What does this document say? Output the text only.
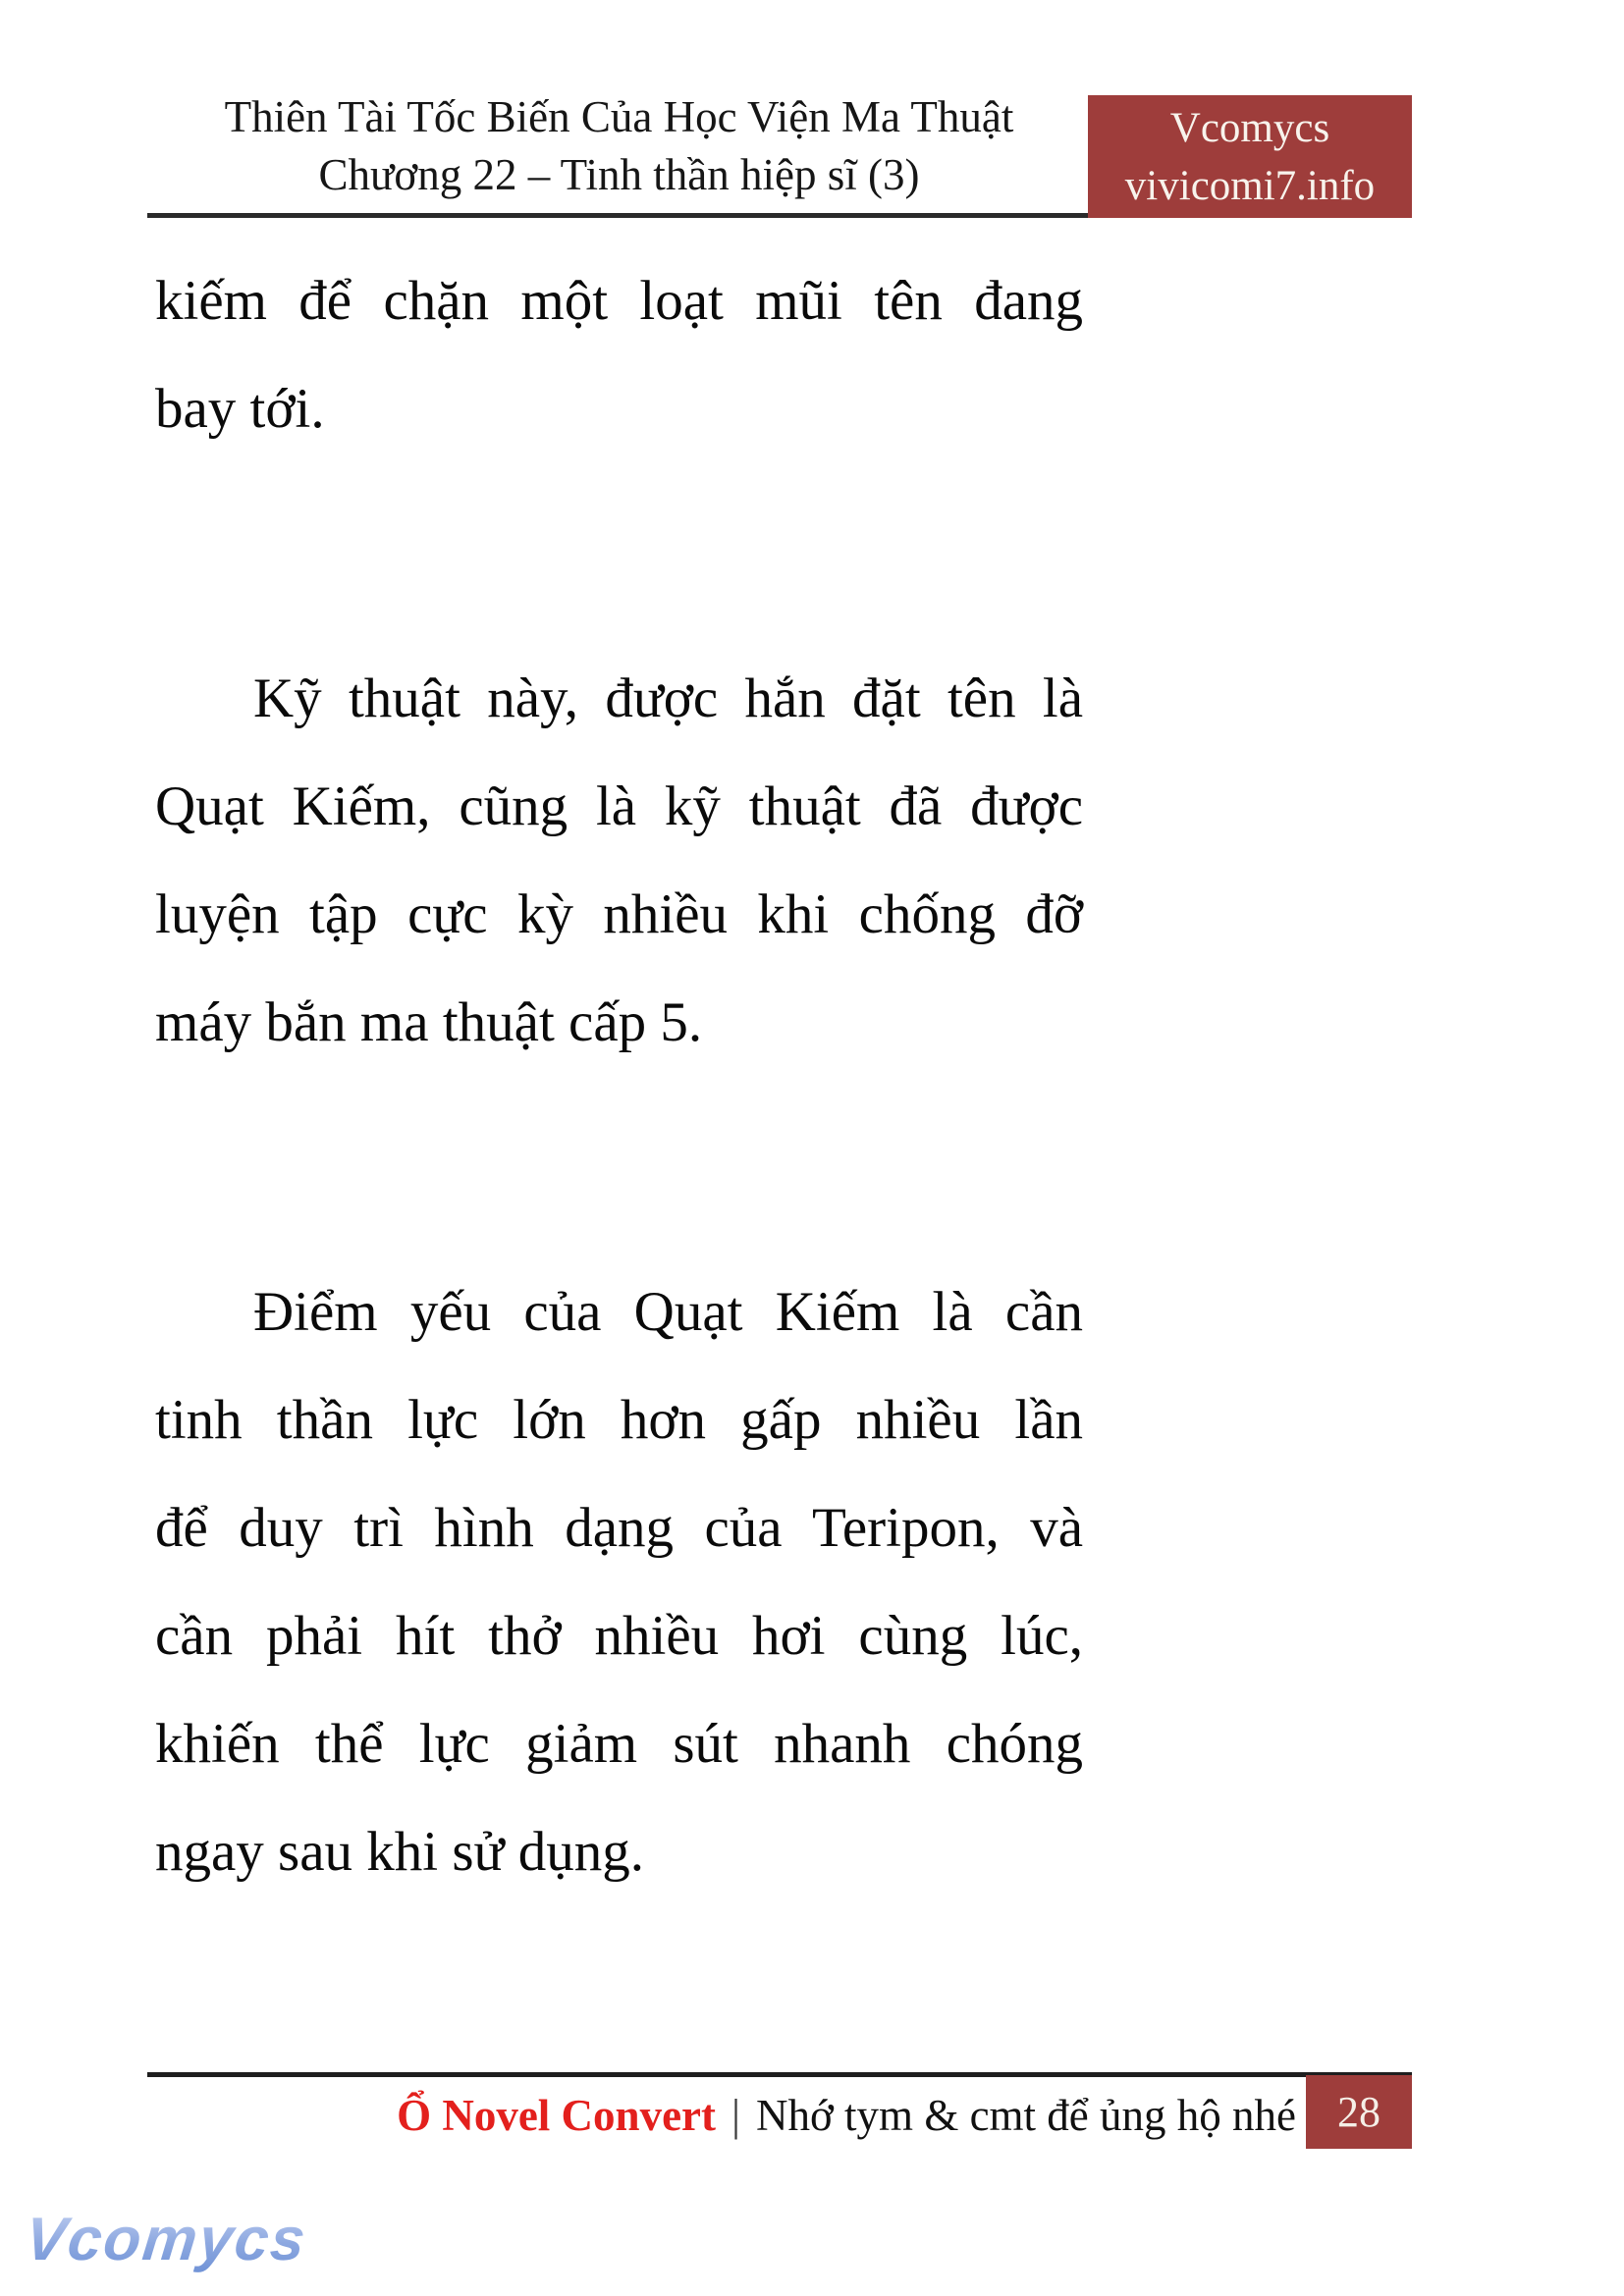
Thiên Tài Tốc Biến Của Học Viện Ma Thuật
Chương 22 – Tinh thần hiệp sĩ (3)
Vcomycs
vivicomi7.info
kiếm để chặn một loạt mũi tên đang
bay tới.
Kỹ thuật này, được hắn đặt tên là
Quạt Kiếm, cũng là kỹ thuật đã được
luyện tập cực kỳ nhiều khi chống đỡ
máy bắn ma thuật cấp 5.
Điểm yếu của Quạt Kiếm là cần
tinh thần lực lớn hơn gấp nhiều lần
để duy trì hình dạng của Teripon, và
cần phải hít thở nhiều hơi cùng lúc,
khiến thể lực giảm sút nhanh chóng
ngay sau khi sử dụng.
Ổ Novel Convert | Nhớ tym & cmt để ủng hộ nhé 28
Vcomycs
